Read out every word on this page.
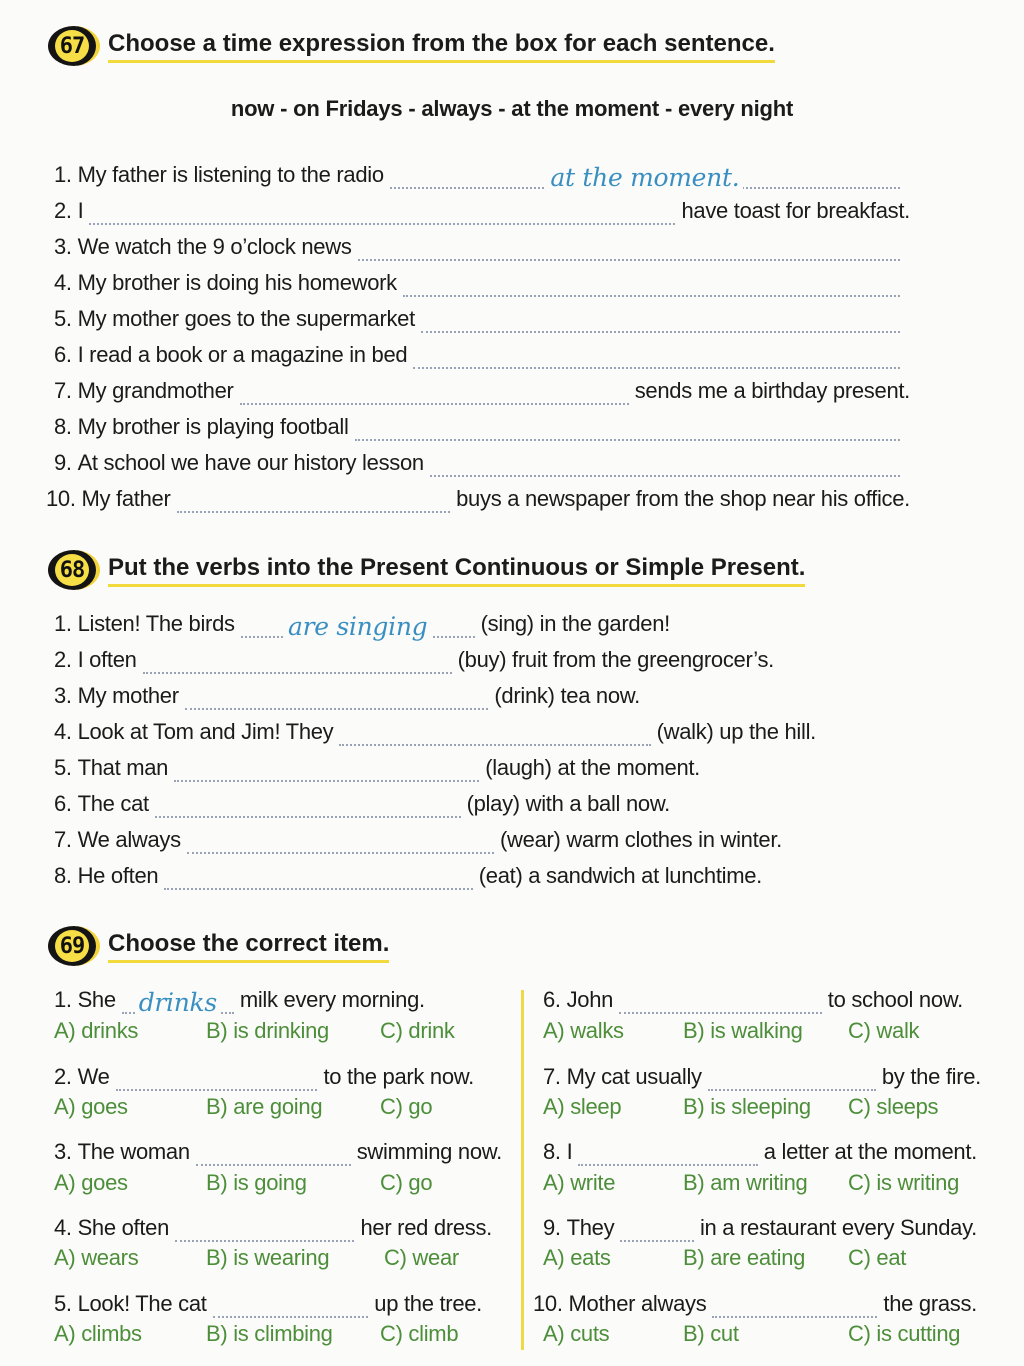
67 Choose a time expression from the box for each sentence.
now - on Fridays - always - at the moment - every night
1.
My father is listening to the radio	at the moment.
2.
I	have toast for breakfast.
3.
We watch the 9 o’clock news
4.
My brother is doing his homework
5.
My mother goes to the supermarket
6.
I read a book or a magazine in bed
7.
My grandmother	sends me a birthday present.
8.
My brother is playing football
9.
At school we have our history lesson
10.
My father	buys a newspaper from the shop near his office.
68 Put the verbs into the Present Continuous or Simple Present.
1.
Listen! The birds are singing (sing) in the garden!
2.
I often	(buy) fruit from the greengrocer’s.
3.
My mother	(drink) tea now.
4.
Look at Tom and Jim! They	(walk) up the hill.
5.
That man	(laugh) at the moment.
6.
The cat	(play) with a ball now.
7.
We always	(wear) warm clothes in winter.
8.
He often	(eat) a sandwich at lunchtime.
69 Choose the correct item.
1.
She drinks milk every morning.
A) drinks	B) is drinking C) drink
2.
We	to the park now.
A) goes	B) are going	C) go
3.
The woman	swimming now.
A) goes	B) is going	C) go
4.
She often	her red dress.
A) wears	B) is wearing C) wear
5.
Look! The cat	up the tree.
A) climbs	B) is climbing C) climb
6.
John	to school now.
A) walks	B) is walking C) walk
7.
My cat usually	by the fire.
A) sleep	B) is sleeping C) sleeps
8.
I	a letter at the moment.
A) write	B) am writing C) is writing
9.
They	in a restaurant every Sunday.
A) eats	B) are eating C) eat
10.
Mother always	the grass.
A) cuts	B) cut	C) is cutting
